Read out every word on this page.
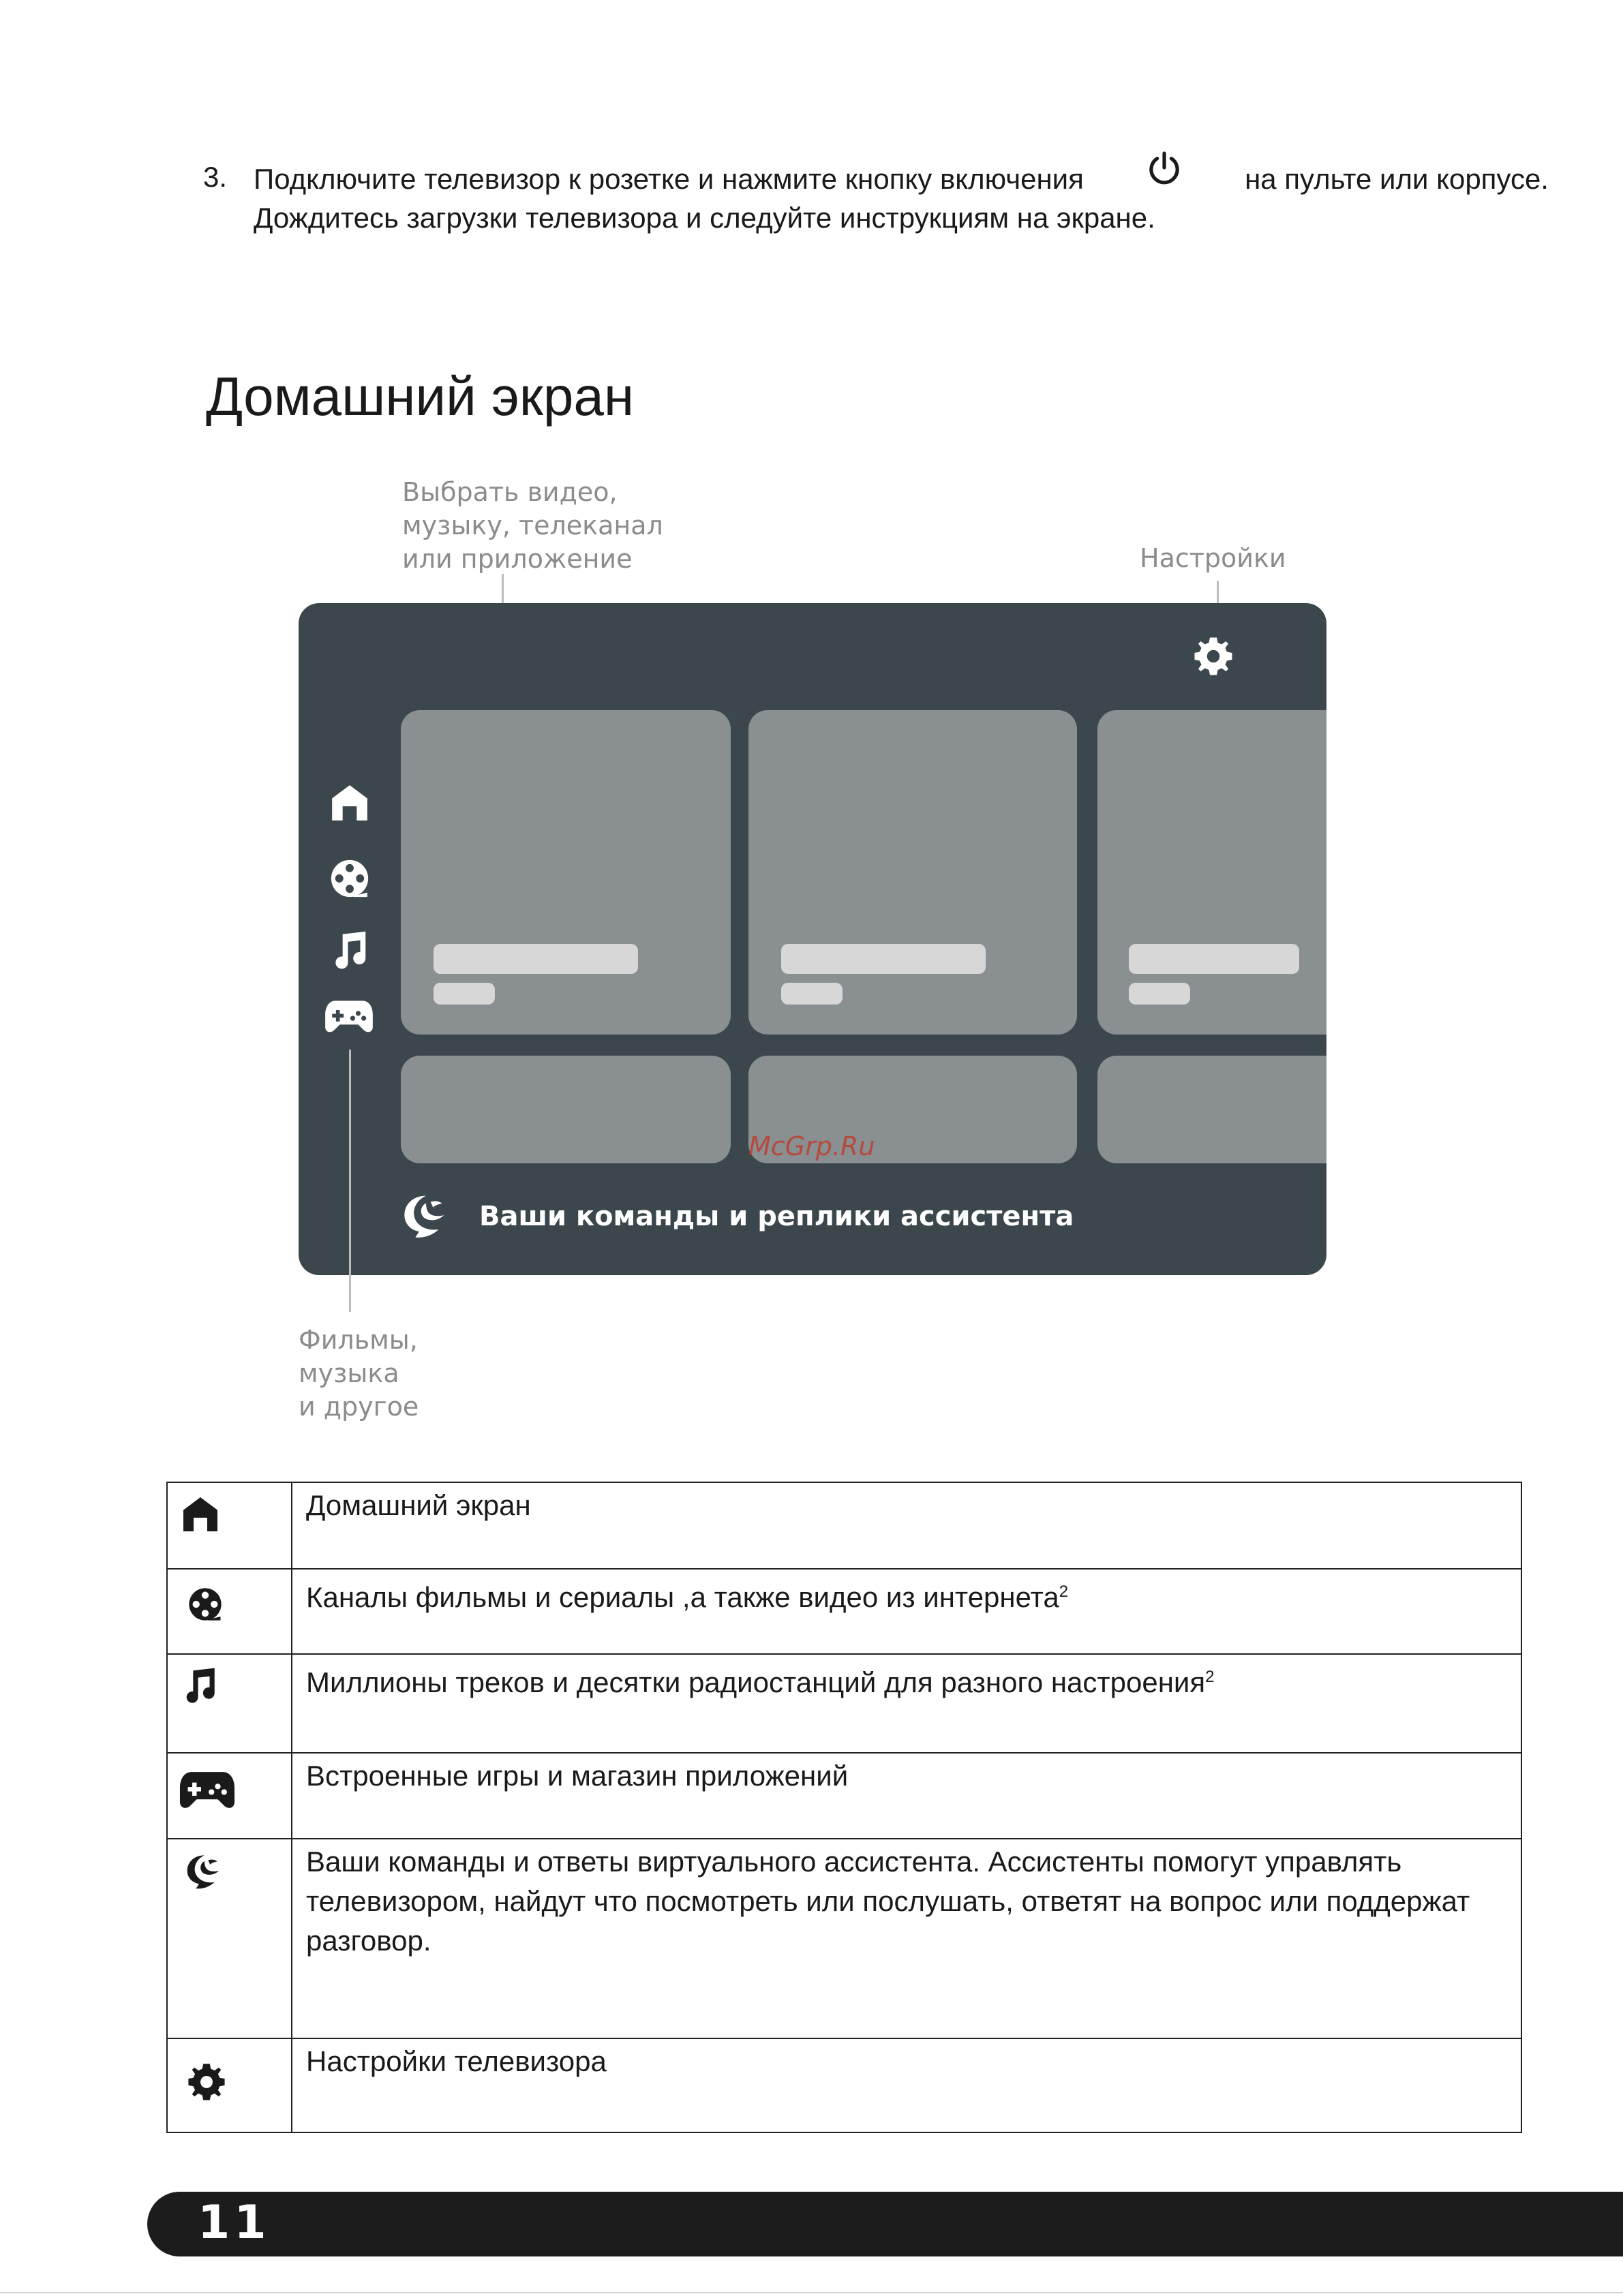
3. Подключите телевизор к розетке и нажмите кнопку включения	на пульте или корпусе.
Дождитесь загрузки телевизора и следуйте инструкциям на экране.
Домашний экран
Выбрать видео,
музыку, телеканал
или приложение	Настройки
Ваши команды и реплики ассистента
Фильмы,
музыка
и другое
McGrp.Ru
	Домашний экран

	Каналы фильмы и сериалы ,а также видео из интернета$^2$

	Миллионы треков и десятки радиостанций для разного настроения$^2$

	Встроенные игры и магазин приложений

	Ваши команды и ответы виртуального ассистента. Ассистенты помогут управлять телевизором, найдут что посмотреть или послушать, ответят на вопрос или поддержат разговор.

	Настройки телевизора
11
